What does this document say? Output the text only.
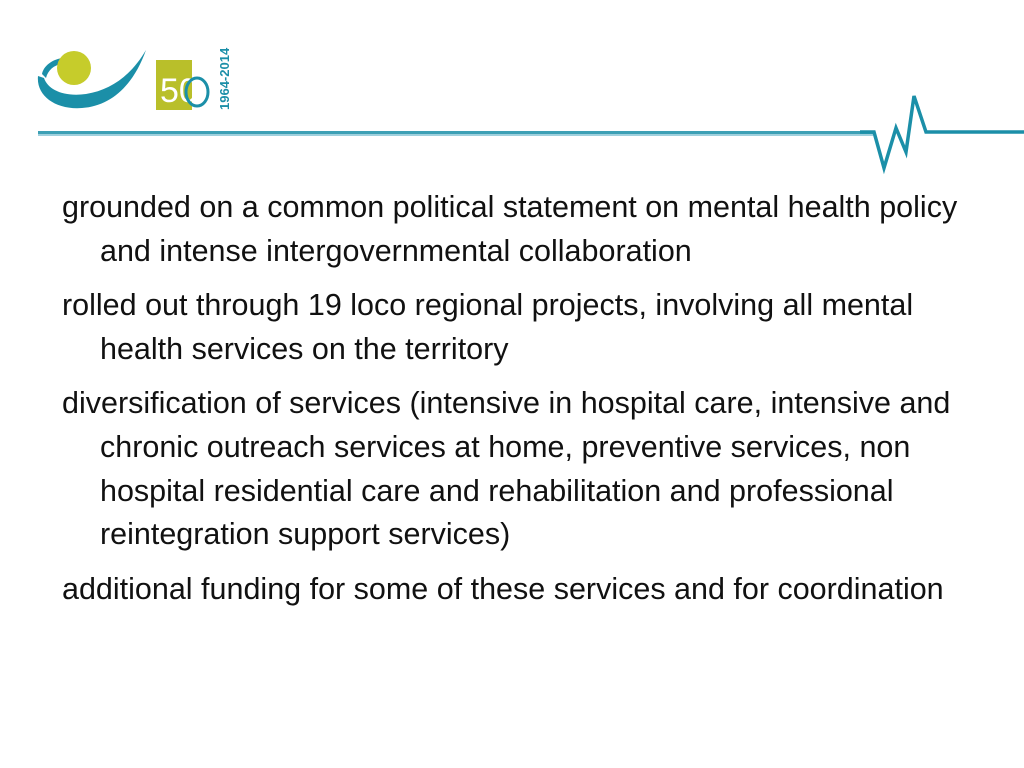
50 1964-2014
grounded on a common political statement on mental health policy and intense intergovernmental collaboration
rolled out through 19 loco regional projects, involving all mental health services on the territory
diversification of services (intensive in hospital care, intensive and chronic outreach services at home, preventive services, non hospital residential care and rehabilitation and professional reintegration support services)
additional funding for some of these services and for coordination
